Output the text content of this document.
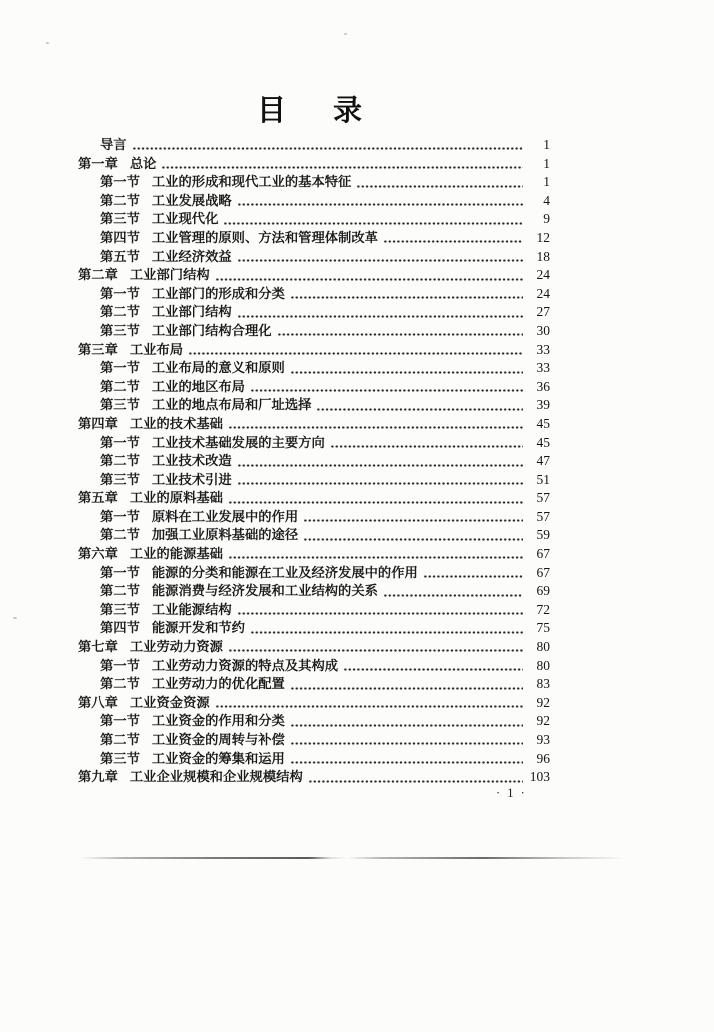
目　录
导言	1
第一章 总论	1
第一节 工业的形成和现代工业的基本特征	1
第二节 工业发展战略	4
第三节 工业现代化	9
第四节 工业管理的原则、方法和管理体制改革	12
第五节 工业经济效益	18
第二章 工业部门结构	24
第一节 工业部门的形成和分类	24
第二节 工业部门结构	27
第三节 工业部门结构合理化	30
第三章 工业布局	33
第一节 工业布局的意义和原则	33
第二节 工业的地区布局	36
第三节 工业的地点布局和厂址选择	39
第四章 工业的技术基础	45
第一节 工业技术基础发展的主要方向	45
第二节 工业技术改造	47
第三节 工业技术引进	51
第五章 工业的原料基础	57
第一节 原料在工业发展中的作用	57
第二节 加强工业原料基础的途径	59
第六章 工业的能源基础	67
第一节 能源的分类和能源在工业及经济发展中的作用	67
第二节 能源消费与经济发展和工业结构的关系	69
第三节 工业能源结构	72
第四节 能源开发和节约	75
第七章 工业劳动力资源	80
第一节 工业劳动力资源的特点及其构成	80
第二节 工业劳动力的优化配置	83
第八章 工业资金资源	92
第一节 工业资金的作用和分类	92
第二节 工业资金的周转与补偿	93
第三节 工业资金的筹集和运用	96
第九章 工业企业规模和企业规模结构	103
· 1 ·
